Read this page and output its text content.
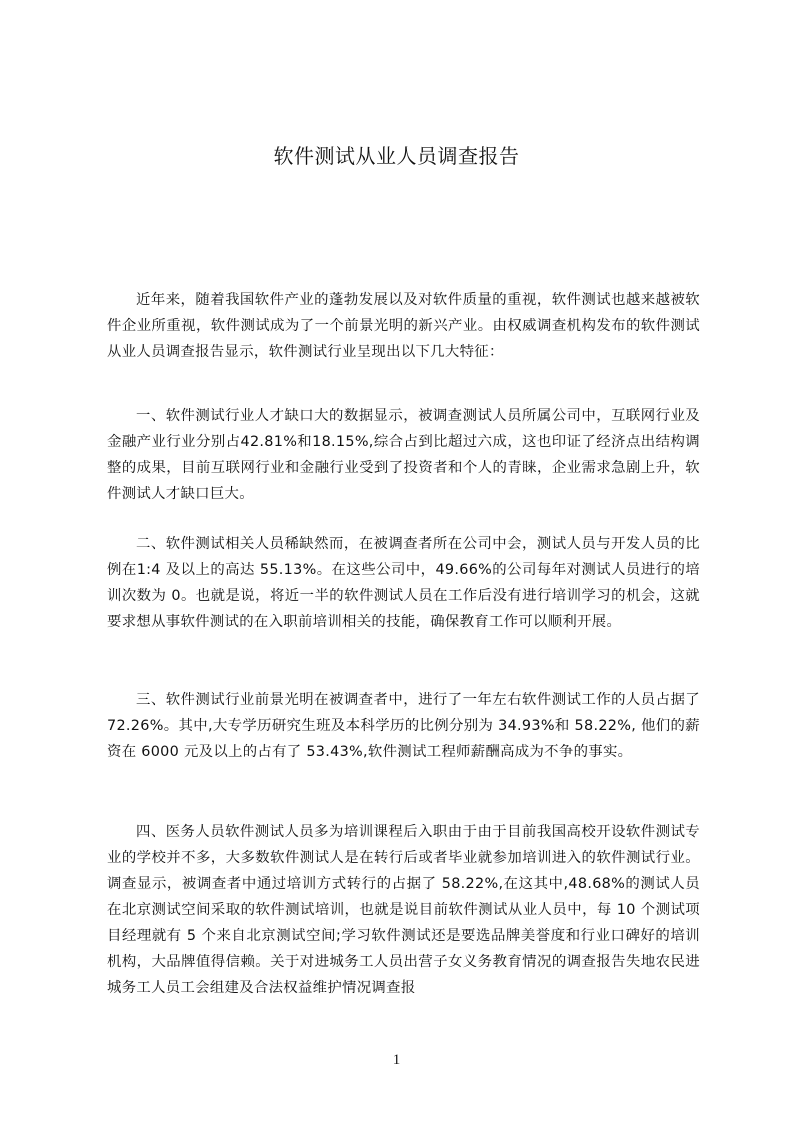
软件测试从业人员调查报告

近年来，随着我国软件产业的蓬勃发展以及对软件质量的重视，软件测试也越来越被软件企业所重视，软件测试成为了一个前景光明的新兴产业。由权威调查机构发布的软件测试从业人员调查报告显示，软件测试行业呈现出以下几大特征：

一、软件测试行业人才缺口大的数据显示，被调查测试人员所属公司中，互联网行业及金融产业行业分别占42.81%和18.15%,综合占到比超过六成，这也印证了经济点出结构调整的成果，目前互联网行业和金融行业受到了投资者和个人的青睐，企业需求急剧上升，软件测试人才缺口巨大。

二、软件测试相关人员稀缺然而，在被调查者所在公司中会，测试人员与开发人员的比例在1:4 及以上的高达 55.13%。在这些公司中，49.66%的公司每年对测试人员进行的培训次数为 0。也就是说，将近一半的软件测试人员在工作后没有进行培训学习的机会，这就要求想从事软件测试的在入职前培训相关的技能，确保教育工作可以顺利开展。

三、软件测试行业前景光明在被调查者中，进行了一年左右软件测试工作的人员占据了 72.26%。其中,大专学历研究生班及本科学历的比例分别为 34.93%和 58.22%, 他们的薪资在 6000 元及以上的占有了 53.43%,软件测试工程师薪酬高成为不争的事实。

四、医务人员软件测试人员多为培训课程后入职由于由于目前我国高校开设软件测试专业的学校并不多，大多数软件测试人是在转行后或者毕业就参加培训进入的软件测试行业。调查显示，被调查者中通过培训方式转行的占据了 58.22%,在这其中,48.68%的测试人员在北京测试空间采取的软件测试培训，也就是说目前软件测试从业人员中，每 10 个测试项目经理就有 5 个来自北京测试空间;学习软件测试还是要选品牌美誉度和行业口碑好的培训机构，大品牌值得信赖。关于对进城务工人员出营子女义务教育情况的调查报告失地农民进城务工人员工会组建及合法权益维护情况调查报

1
